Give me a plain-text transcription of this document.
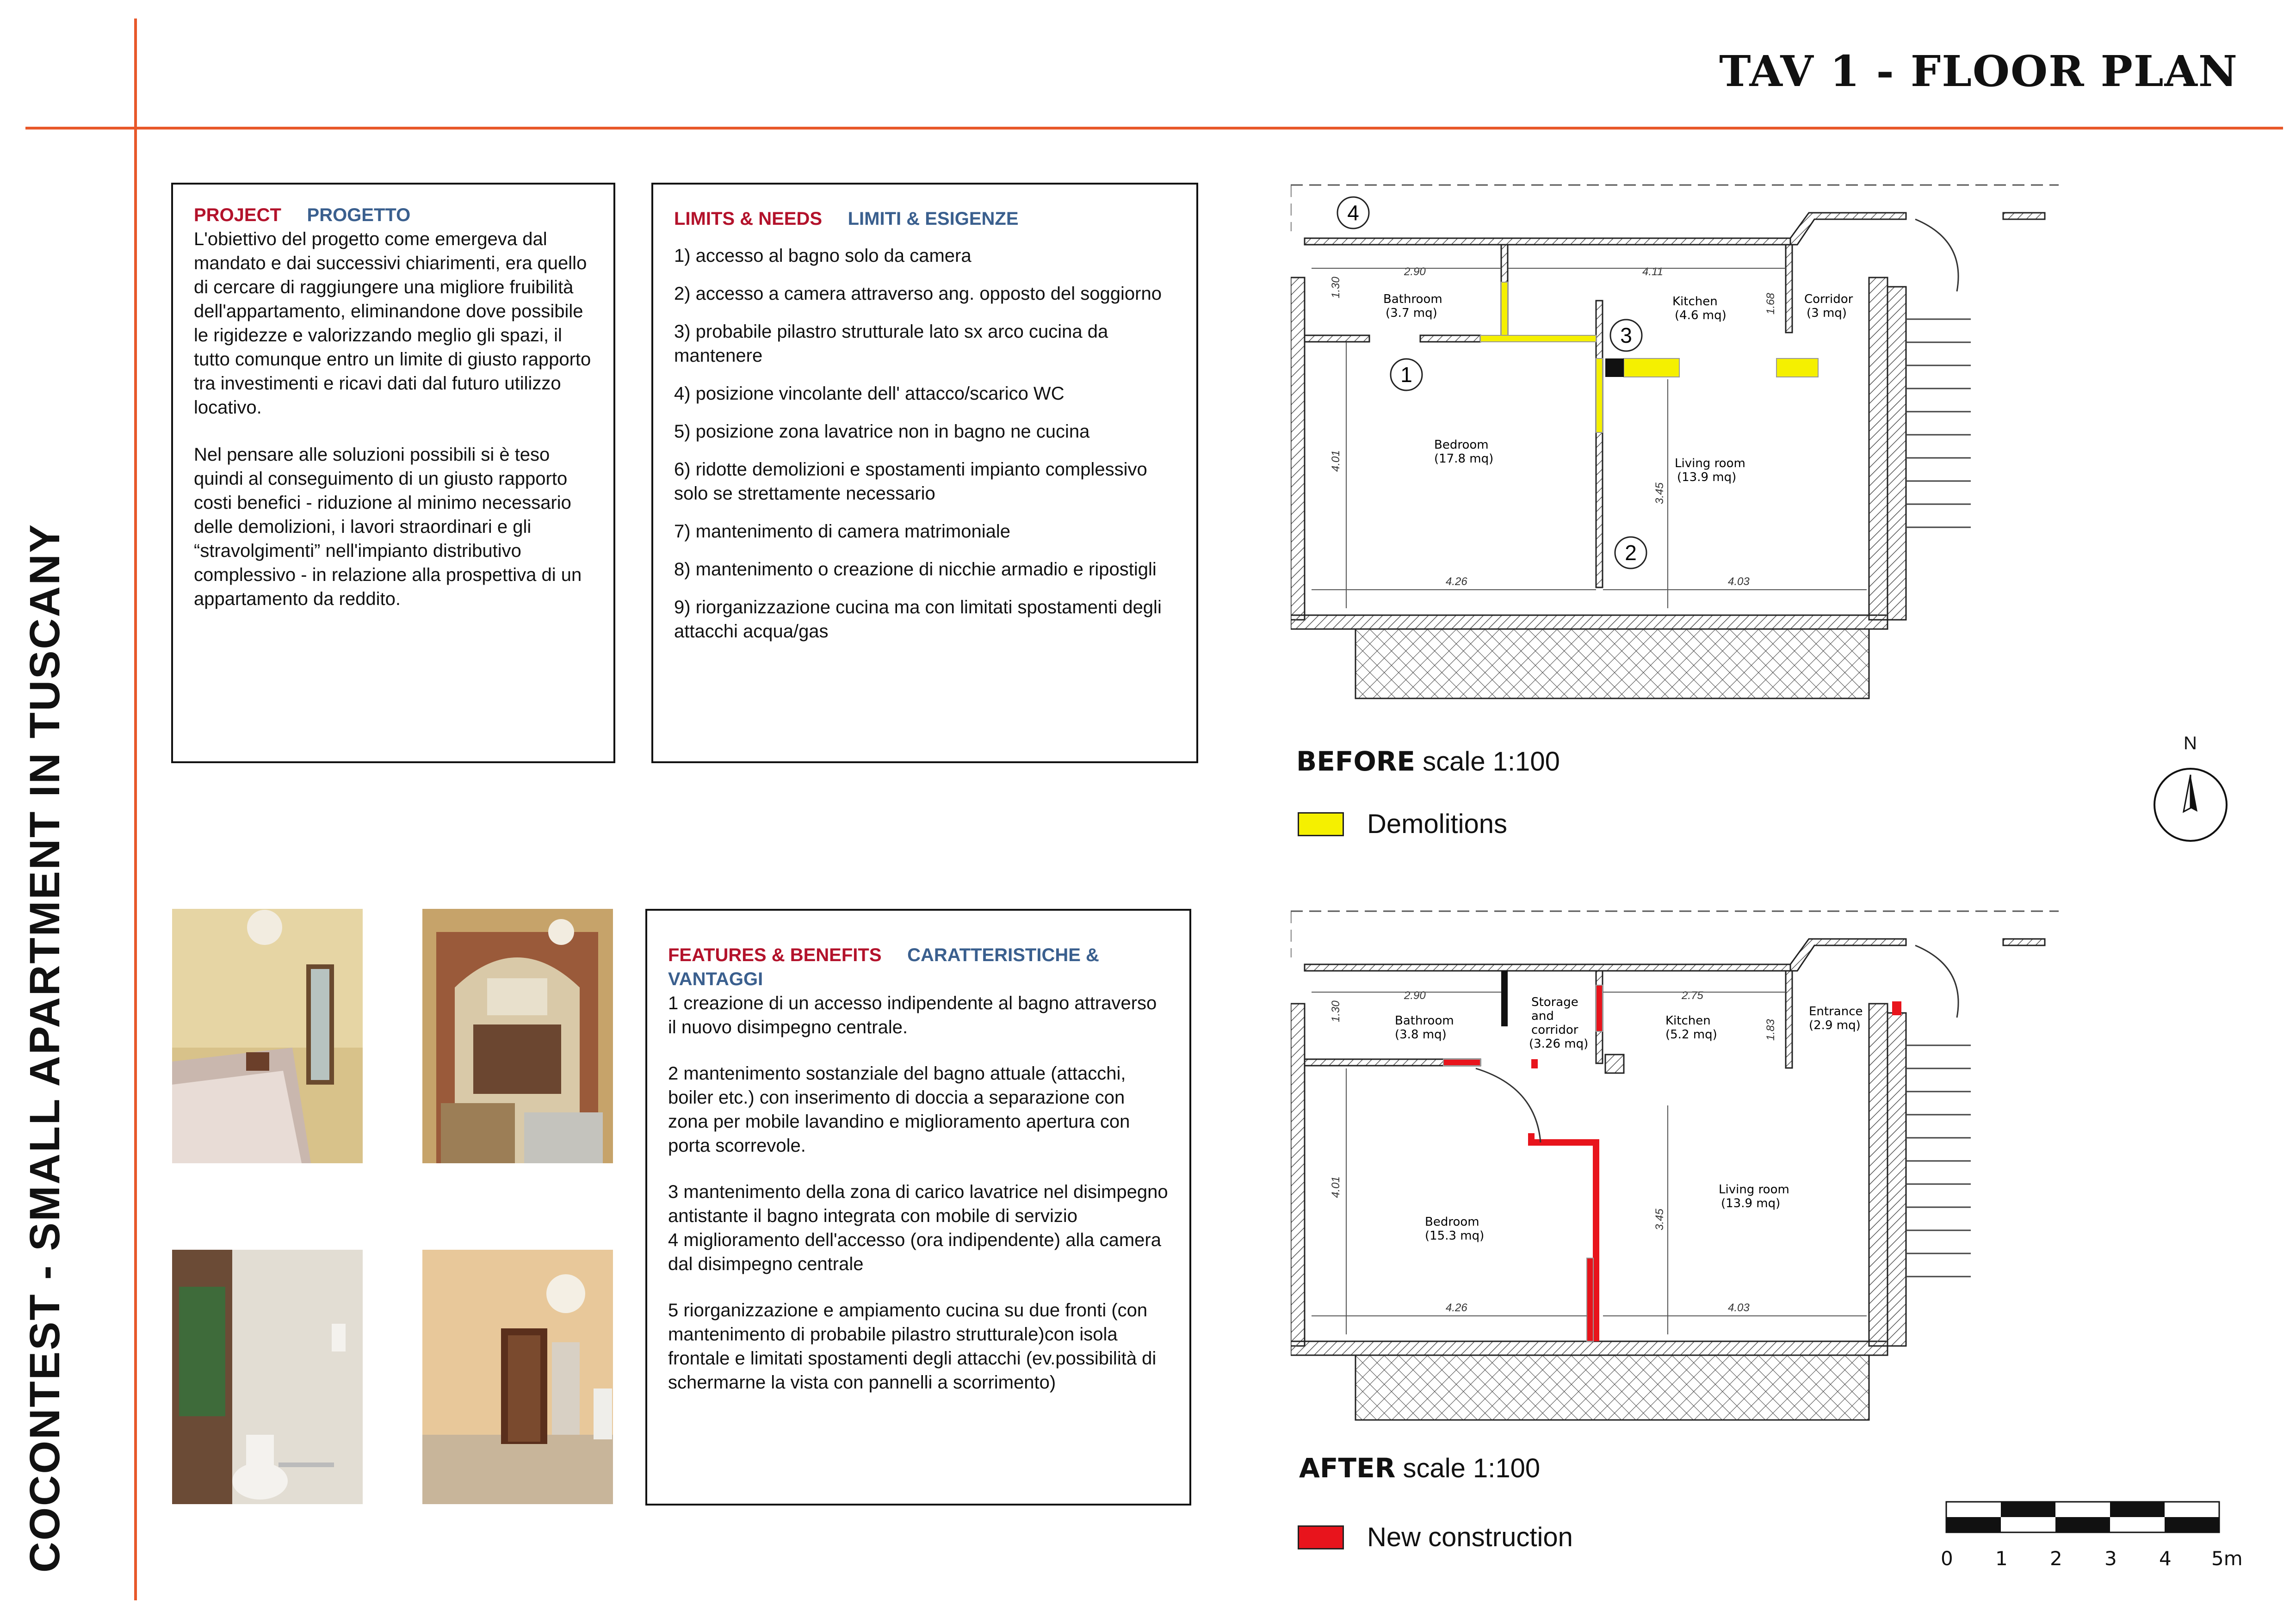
TAV 1 - FLOOR PLAN
COCONTEST - SMALL APARTMENT IN TUSCANY
PROJECT PROGETTO

L'obiettivo del progetto come emergeva dal mandato e dai successivi chiarimenti, era quello di cercare di raggiungere una migliore fruibilità dell'appartamento, eliminandone dove possibile le rigidezze e valorizzando meglio gli spazi, il tutto comunque entro un limite di giusto rapporto tra investimenti e ricavi dati dal futuro utilizzo locativo.

Nel pensare alle soluzioni possibili si è teso quindi al conseguimento di un giusto rapporto costi benefici - riduzione al minimo necessario delle demolizioni, i lavori straordinari e gli “stravolgimenti” nell'impianto distributivo complessivo - in relazione alla prospettiva di un appartamento da reddito.

LIMITS & NEEDS LIMITI & ESIGENZE

1) accesso al bagno solo da camera

2) accesso a camera attraverso ang. opposto del soggiorno

3) probabile pilastro strutturale lato sx arco cucina da mantenere

4) posizione vincolante dell' attacco/scarico WC

5) posizione zona lavatrice non in bagno ne cucina

6) ridotte demolizioni e spostamenti impianto complessivo solo se strettamente necessario

7) mantenimento di camera matrimoniale

8) mantenimento o creazione di nicchie armadio e ripostigli

9) riorganizzazione cucina ma con limitati spostamenti degli attacchi acqua/gas

FEATURES & BENEFITS CARATTERISTICHE & VANTAGGI

1 creazione di un accesso indipendente al bagno attraverso il nuovo disimpegno centrale.

2 mantenimento sostanziale del bagno attuale (attacchi, boiler etc.) con inserimento di doccia a separazione con zona per mobile lavandino e miglioramento apertura con porta scorrevole.

3 mantenimento della zona di carico lavatrice nel disimpegno antistante il bagno integrata con mobile di servizio

4 miglioramento dell'accesso (ora indipendente) alla camera dal disimpegno centrale

5 riorganizzazione e ampiamento cucina su due fronti (con mantenimento di probabile pilastro strutturale)con isola frontale e limitati spostamenti degli attacchi (ev.possibilità di schermarne la vista con pannelli a scorrimento)

4
3
1
2
Bathroom
(3.7 mq)
Kitchen
(4.6 mq)
Corridor
(3 mq)
Bedroom
(17.8 mq)	Living room
(13.9 mq)
2.90	4.11
1.30
1.68
4.01
3.45
4.26	4.03
BEFORE scale 1:100
Demolitions
N
Bathroom
(3.8 mq)
Storage
and
corridor
(3.26 mq)
Kitchen
(5.2 mq)
Entrance
(2.9 mq)
Bedroom
(15.3 mq)
Living room
(13.9 mq)
2.90	2.75
1.30
1.83
4.01
3.45
4.26	4.03
AFTER scale 1:100
New construction
0 1 2 3 4 5m
